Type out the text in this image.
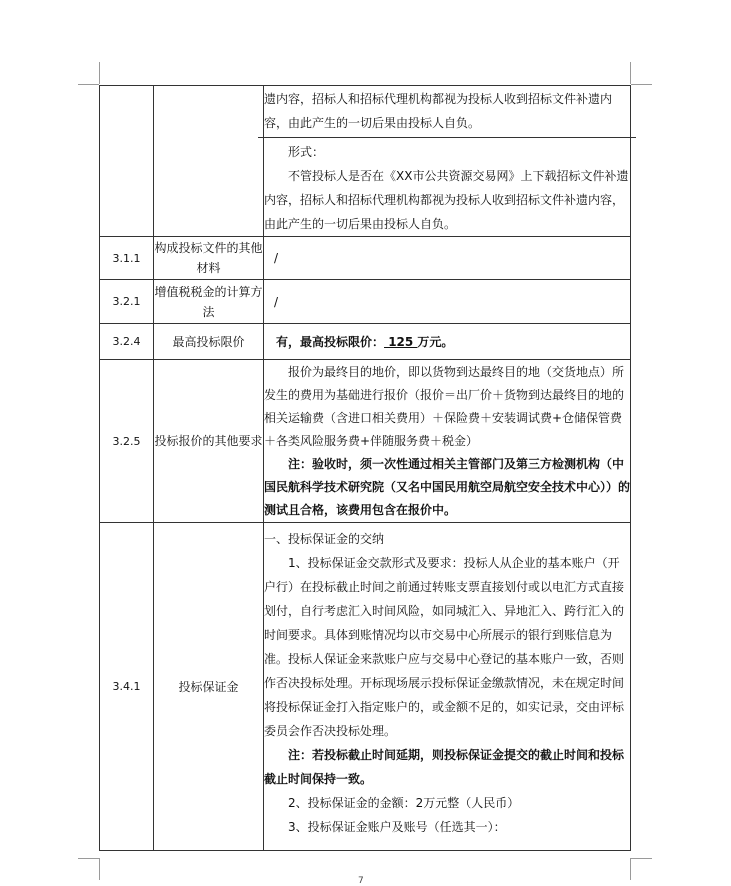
		遗内容，招标人和招标代理机构都视为投标人收到招标文件补遗内容，由此产生的一切后果由投标人自负。

形式：

不管投标人是否在《XX市公共资源交易网》上下载招标文件补遗内容，招标人和招标代理机构都视为投标人收到招标文件补遗内容，由此产生的一切后果由投标人自负。

3.1.1	构成投标文件的其他材料	/
3.2.1	增值税税金的计算方法	/
3.2.4	最高投标限价	有，最高投标限价： 125 万元。
3.2.5	投标报价的其他要求	报价为最终目的地价，即以货物到达最终目的地（交货地点）所发生的费用为基础进行报价（报价＝出厂价＋货物到达最终目的地的相关运输费（含进口相关费用）＋保险费＋安装调试费+仓储保管费＋各类风险服务费+伴随服务费＋税金）

注：验收时，须一次性通过相关主管部门及第三方检测机构（中国民航科学技术研究院（又名中国民用航空局航空安全技术中心））的测试且合格，该费用包含在报价中。

3.4.1	投标保证金	一、投标保证金的交纳

1、投标保证金交款形式及要求：投标人从企业的基本账户（开户行）在投标截止时间之前通过转账支票直接划付或以电汇方式直接划付，自行考虑汇入时间风险，如同城汇入、异地汇入、跨行汇入的时间要求。具体到账情况均以市交易中心所展示的银行到账信息为准。投标人保证金来款账户应与交易中心登记的基本账户一致，否则作否决投标处理。开标现场展示投标保证金缴款情况，未在规定时间将投标保证金打入指定账户的，或金额不足的，如实记录，交由评标委员会作否决投标处理。

注：若投标截止时间延期，则投标保证金提交的截止时间和投标截止时间保持一致。

2、投标保证金的金额：2万元整（人民币）

3、投标保证金账户及账号（任选其一）：

7
